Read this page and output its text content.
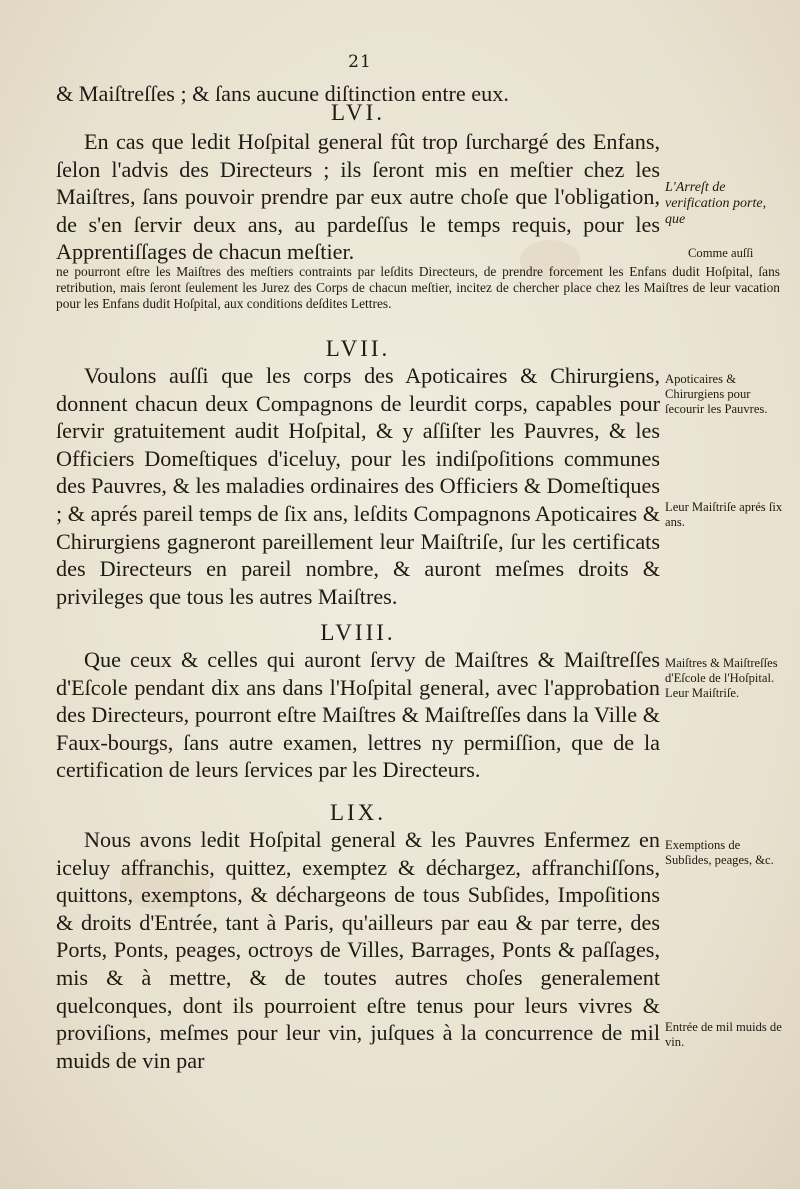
21

& Maiſtreſſes ; & ſans aucune diſtinction entre eux.

LVI.

En cas que ledit Hoſpital general fût trop ſurchargé des Enfans, ſelon l'advis des Directeurs ; ils ſeront mis en meſtier chez les Maiſtres, ſans pouvoir prendre par eux autre choſe que l'obligation, de s'en ſervir deux ans, au pardeſſus le temps requis, pour les Apprentiſſages de chacun meſtier.

L'Arreſt de verification porte, que
Comme auſſi

ne pourront eſtre les Maiſtres des meſtiers contraints par leſdits Directeurs, de prendre forcement les Enfans dudit Hoſpital, ſans retribution, mais ſeront ſeulement les Jurez des Corps de chacun meſtier, incitez de chercher place chez les Maiſtres de leur vacation pour les Enfans dudit Hoſpital, aux conditions deſdites Lettres.

LVII.

Voulons auſſi que les corps des Apoticaires & Chirurgiens, donnent chacun deux Compagnons de leurdit corps, capables pour ſervir gratuitement audit Hoſpital, & y aſſiſter les Pauvres, & les Officiers Domeſtiques d'iceluy, pour les indiſpoſitions communes des Pauvres, & les maladies ordinaires des Officiers & Domeſtiques ; & aprés pareil temps de ſix ans, leſdits Compagnons Apoticaires & Chirurgiens gagneront pareillement leur Maiſtriſe, ſur les certificats des Directeurs en pareil nombre, & auront meſmes droits & privileges que tous les autres Maiſtres.

Apoticaires & Chirurgiens pour ſecourir les Pauvres.
Leur Maiſtriſe aprés ſix ans.
LVIII.

Que ceux & celles qui auront ſervy de Maiſtres & Maiſtreſſes d'Eſcole pendant dix ans dans l'Hoſpital general, avec l'approbation des Directeurs, pourront eſtre Maiſtres & Maiſtreſſes dans la Ville & Faux-bourgs, ſans autre examen, lettres ny permiſſion, que de la certification de leurs ſervices par les Directeurs.

Maiſtres & Maiſtreſſes d'Eſcole de l'Hoſpital. Leur Maiſtriſe.
LIX.

Nous avons ledit Hoſpital general & les Pauvres Enfermez en iceluy affranchis, quittez, exemptez & déchargez, affranchiſſons, quittons, exemptons, & déchargeons de tous Subſides, Impoſitions & droits d'Entrée, tant à Paris, qu'ailleurs par eau & par terre, des Ports, Ponts, peages, octroys de Villes, Barrages, Ponts & paſſages, mis & à mettre, & de toutes autres choſes generalement quelconques, dont ils pourroient eſtre tenus pour leurs vivres & proviſions, meſmes pour leur vin, juſques à la concurrence de mil muids de vin par

Exemptions de Subſides, peages, &c.
Entrée de mil muids de vin.
